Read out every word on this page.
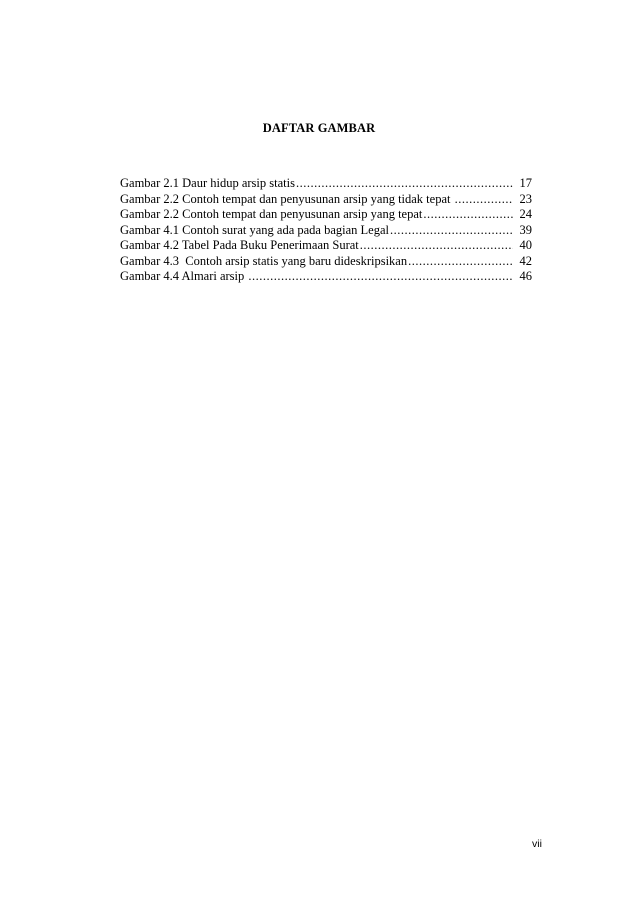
DAFTAR GAMBAR
Gambar 2.1 Daur hidup arsip statis .....	17
Gambar 2.2 Contoh tempat dan penyusunan arsip yang tidak tepat .....	23
Gambar 2.2 Contoh tempat dan penyusunan arsip yang tepat .....	24
Gambar 4.1 Contoh surat yang ada pada bagian Legal .....	39
Gambar 4.2 Tabel Pada Buku Penerimaan Surat .....	40
Gambar 4.3  Contoh arsip statis yang baru dideskripsikan .....	42
Gambar 4.4 Almari arsip .....	46
vii
